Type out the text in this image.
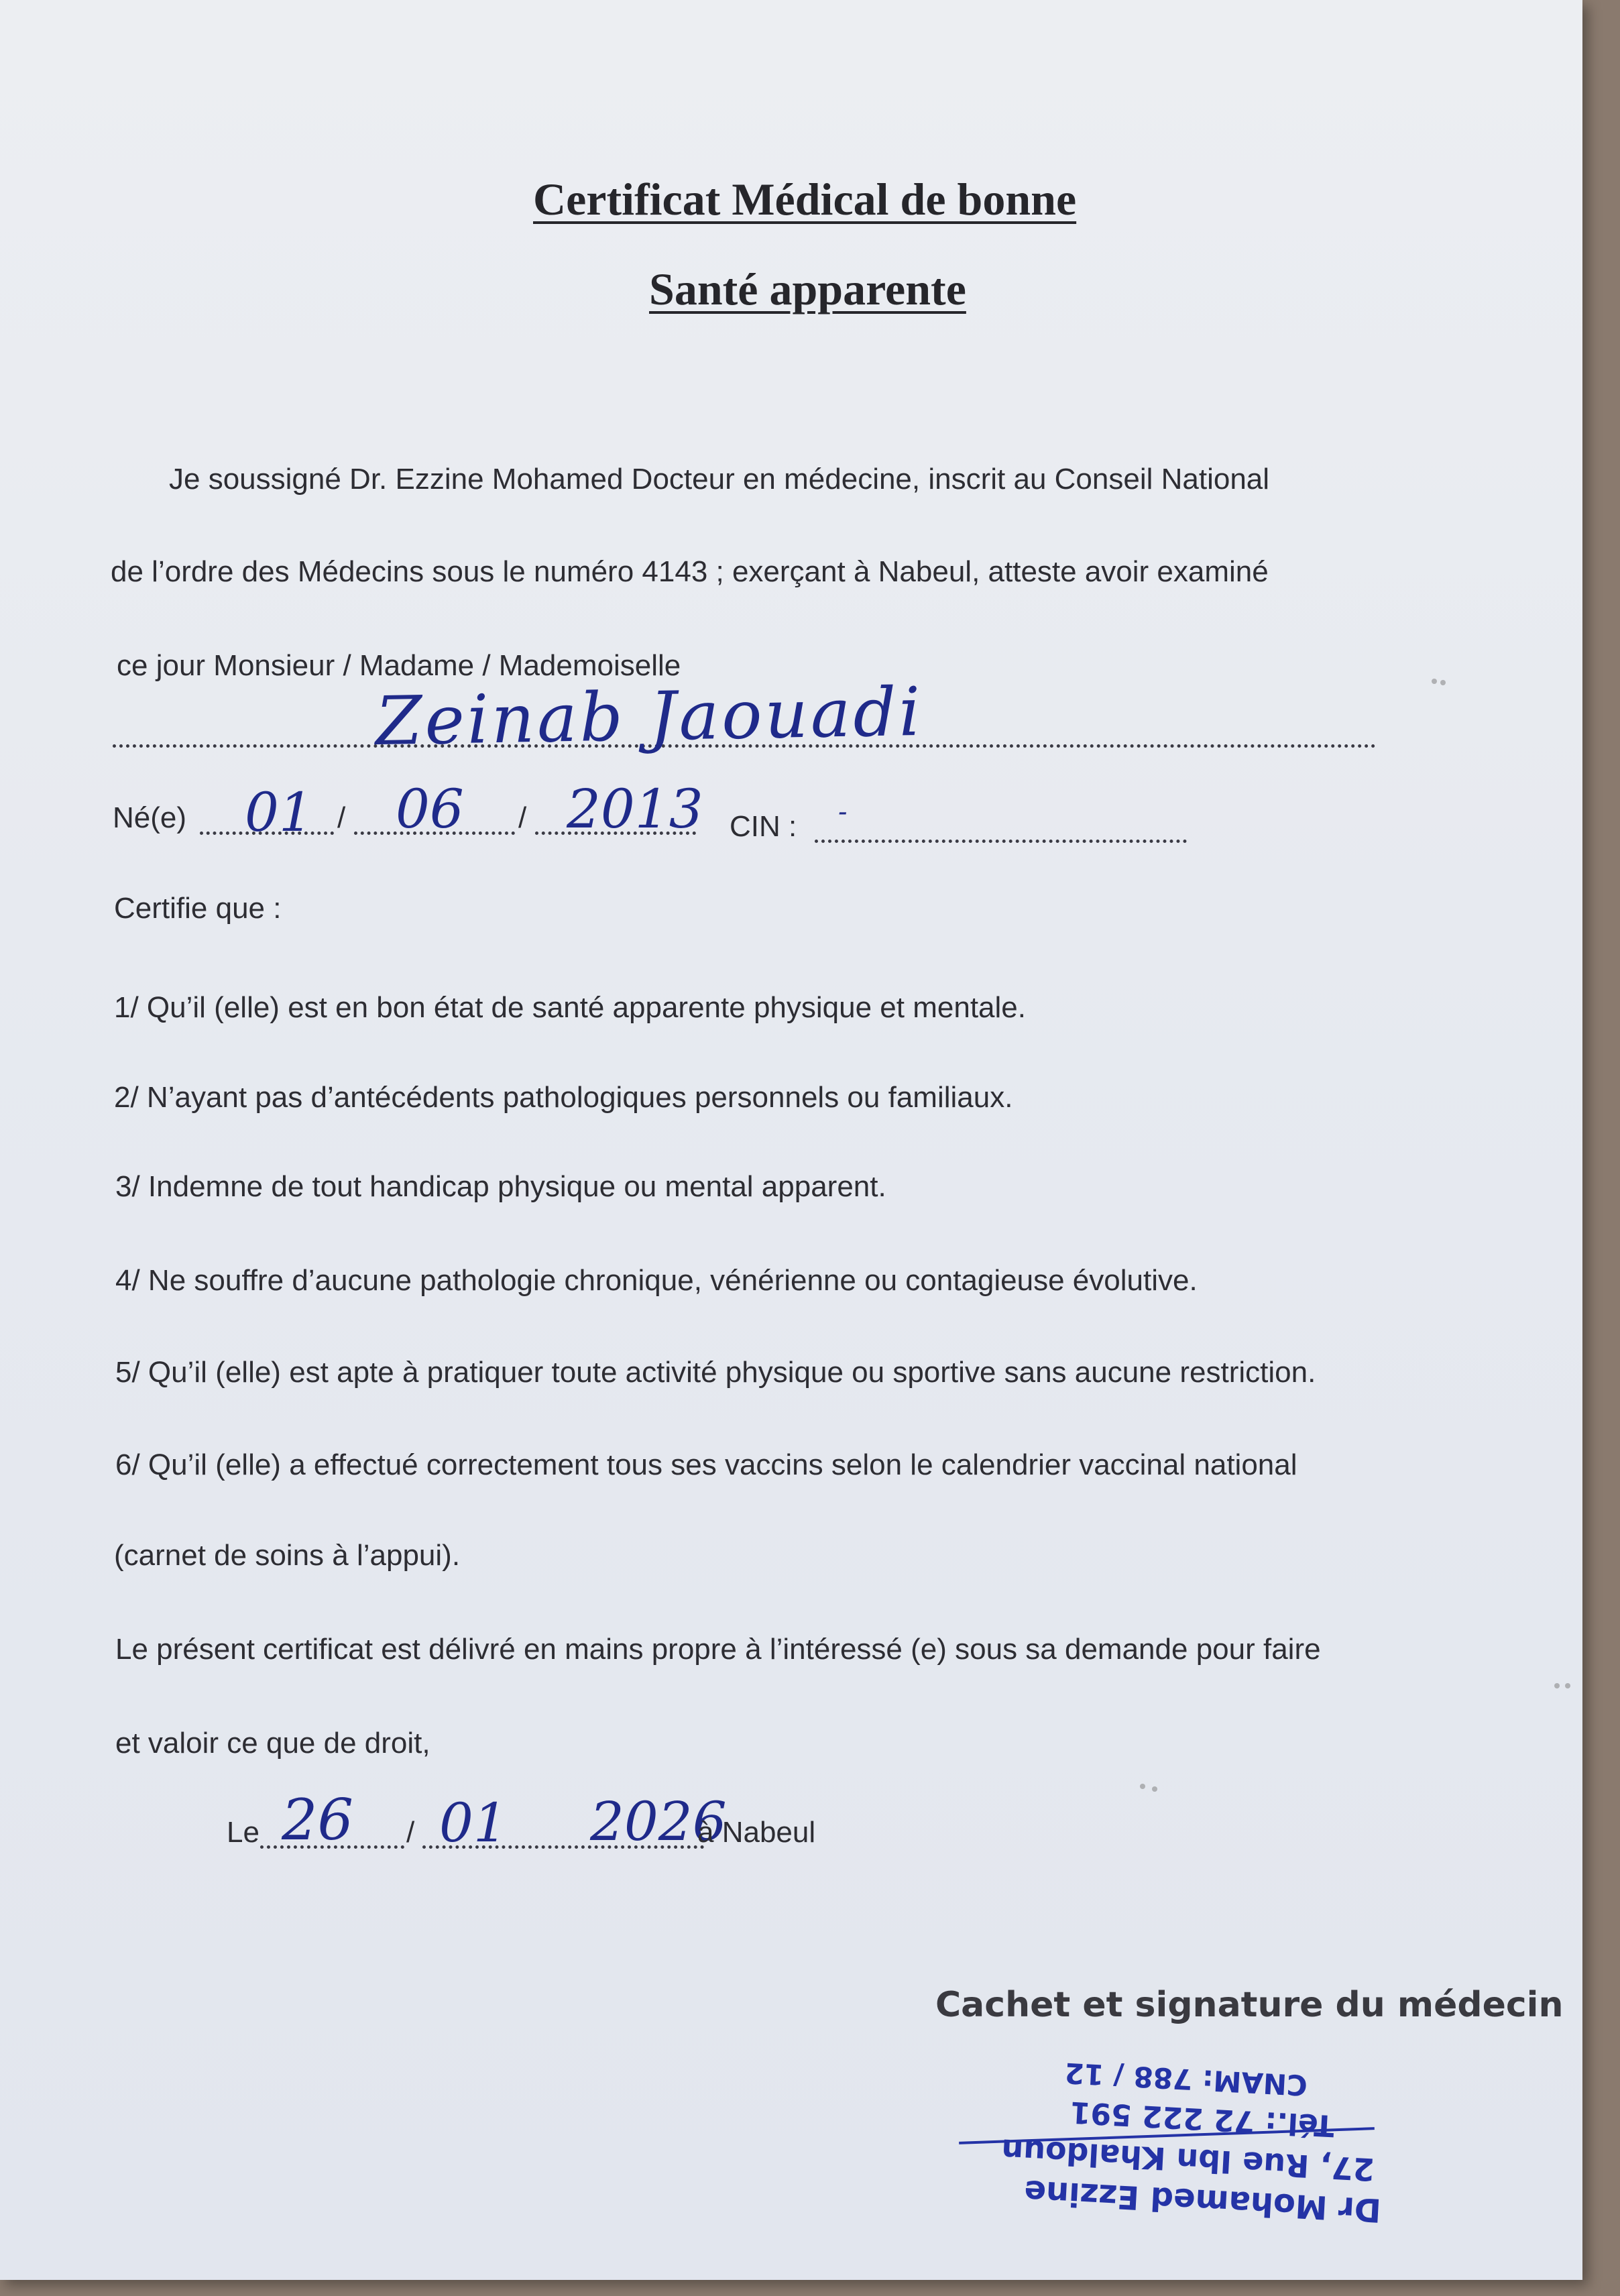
Certificat Médical de bonne
Santé apparente
Je soussigné Dr. Ezzine Mohamed Docteur en médecine, inscrit au Conseil National
de l’ordre des Médecins sous le numéro 4143 ; exerçant à Nabeul, atteste avoir examiné
ce jour Monsieur / Madame / Mademoiselle
Zeinab Jaouadi
Né(e)	/	/
01 06 2013 CIN : -
Certifie que :
1/ Qu’il (elle) est en bon état de santé apparente physique et mentale.
2/ N’ayant pas d’antécédents pathologiques personnels ou familiaux.
3/ Indemne de tout handicap physique ou mental apparent.
4/ Ne souffre d’aucune pathologie chronique, vénérienne ou contagieuse évolutive.
5/ Qu’il (elle) est apte à pratiquer toute activité physique ou sportive sans aucune restriction.
6/ Qu’il (elle) a effectué correctement tous ses vaccins selon le calendrier vaccinal national
(carnet de soins à l’appui).
Le présent certificat est délivré en mains propre à l’intéressé (e) sous sa demande pour faire
et valoir ce que de droit,
Le	/
26 01 2026
à Nabeul
Cachet et signature du médecin
Dr Mohamed Ezzine
27, Rue Ibn Khaldoun
Tél.: 72 222 591
CNAM: 788 / 12
